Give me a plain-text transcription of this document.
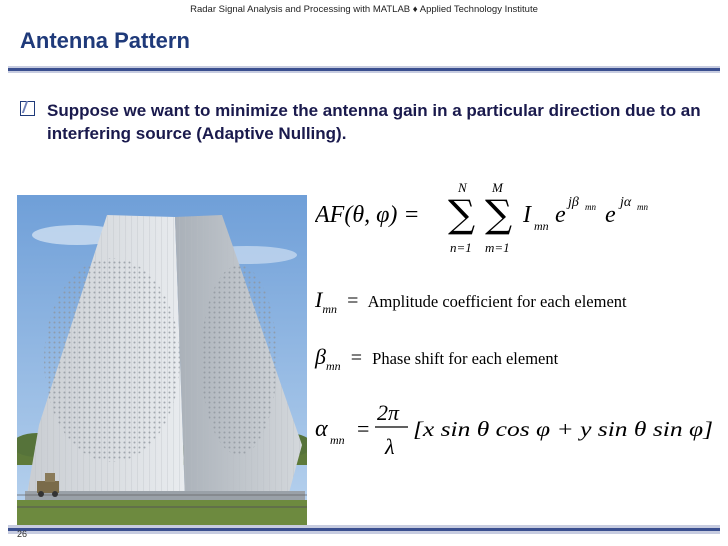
Radar Signal Analysis and Processing with MATLAB ♦ Applied Technology Institute
Antenna Pattern
Suppose we want to minimize the antenna gain in a particular direction due to an interfering source (Adaptive Nulling).
AF(θ, φ) = ∑
N
n=1
∑
M
m=1
I mn e jβ mn e jα mn
$I_{mn}$ = Amplitude coefficient for each element
$\beta_{mn}$ = Phase shift for each element
α mn =
2π
λ
[x sin θ cos φ + y sin θ sin φ]
26
